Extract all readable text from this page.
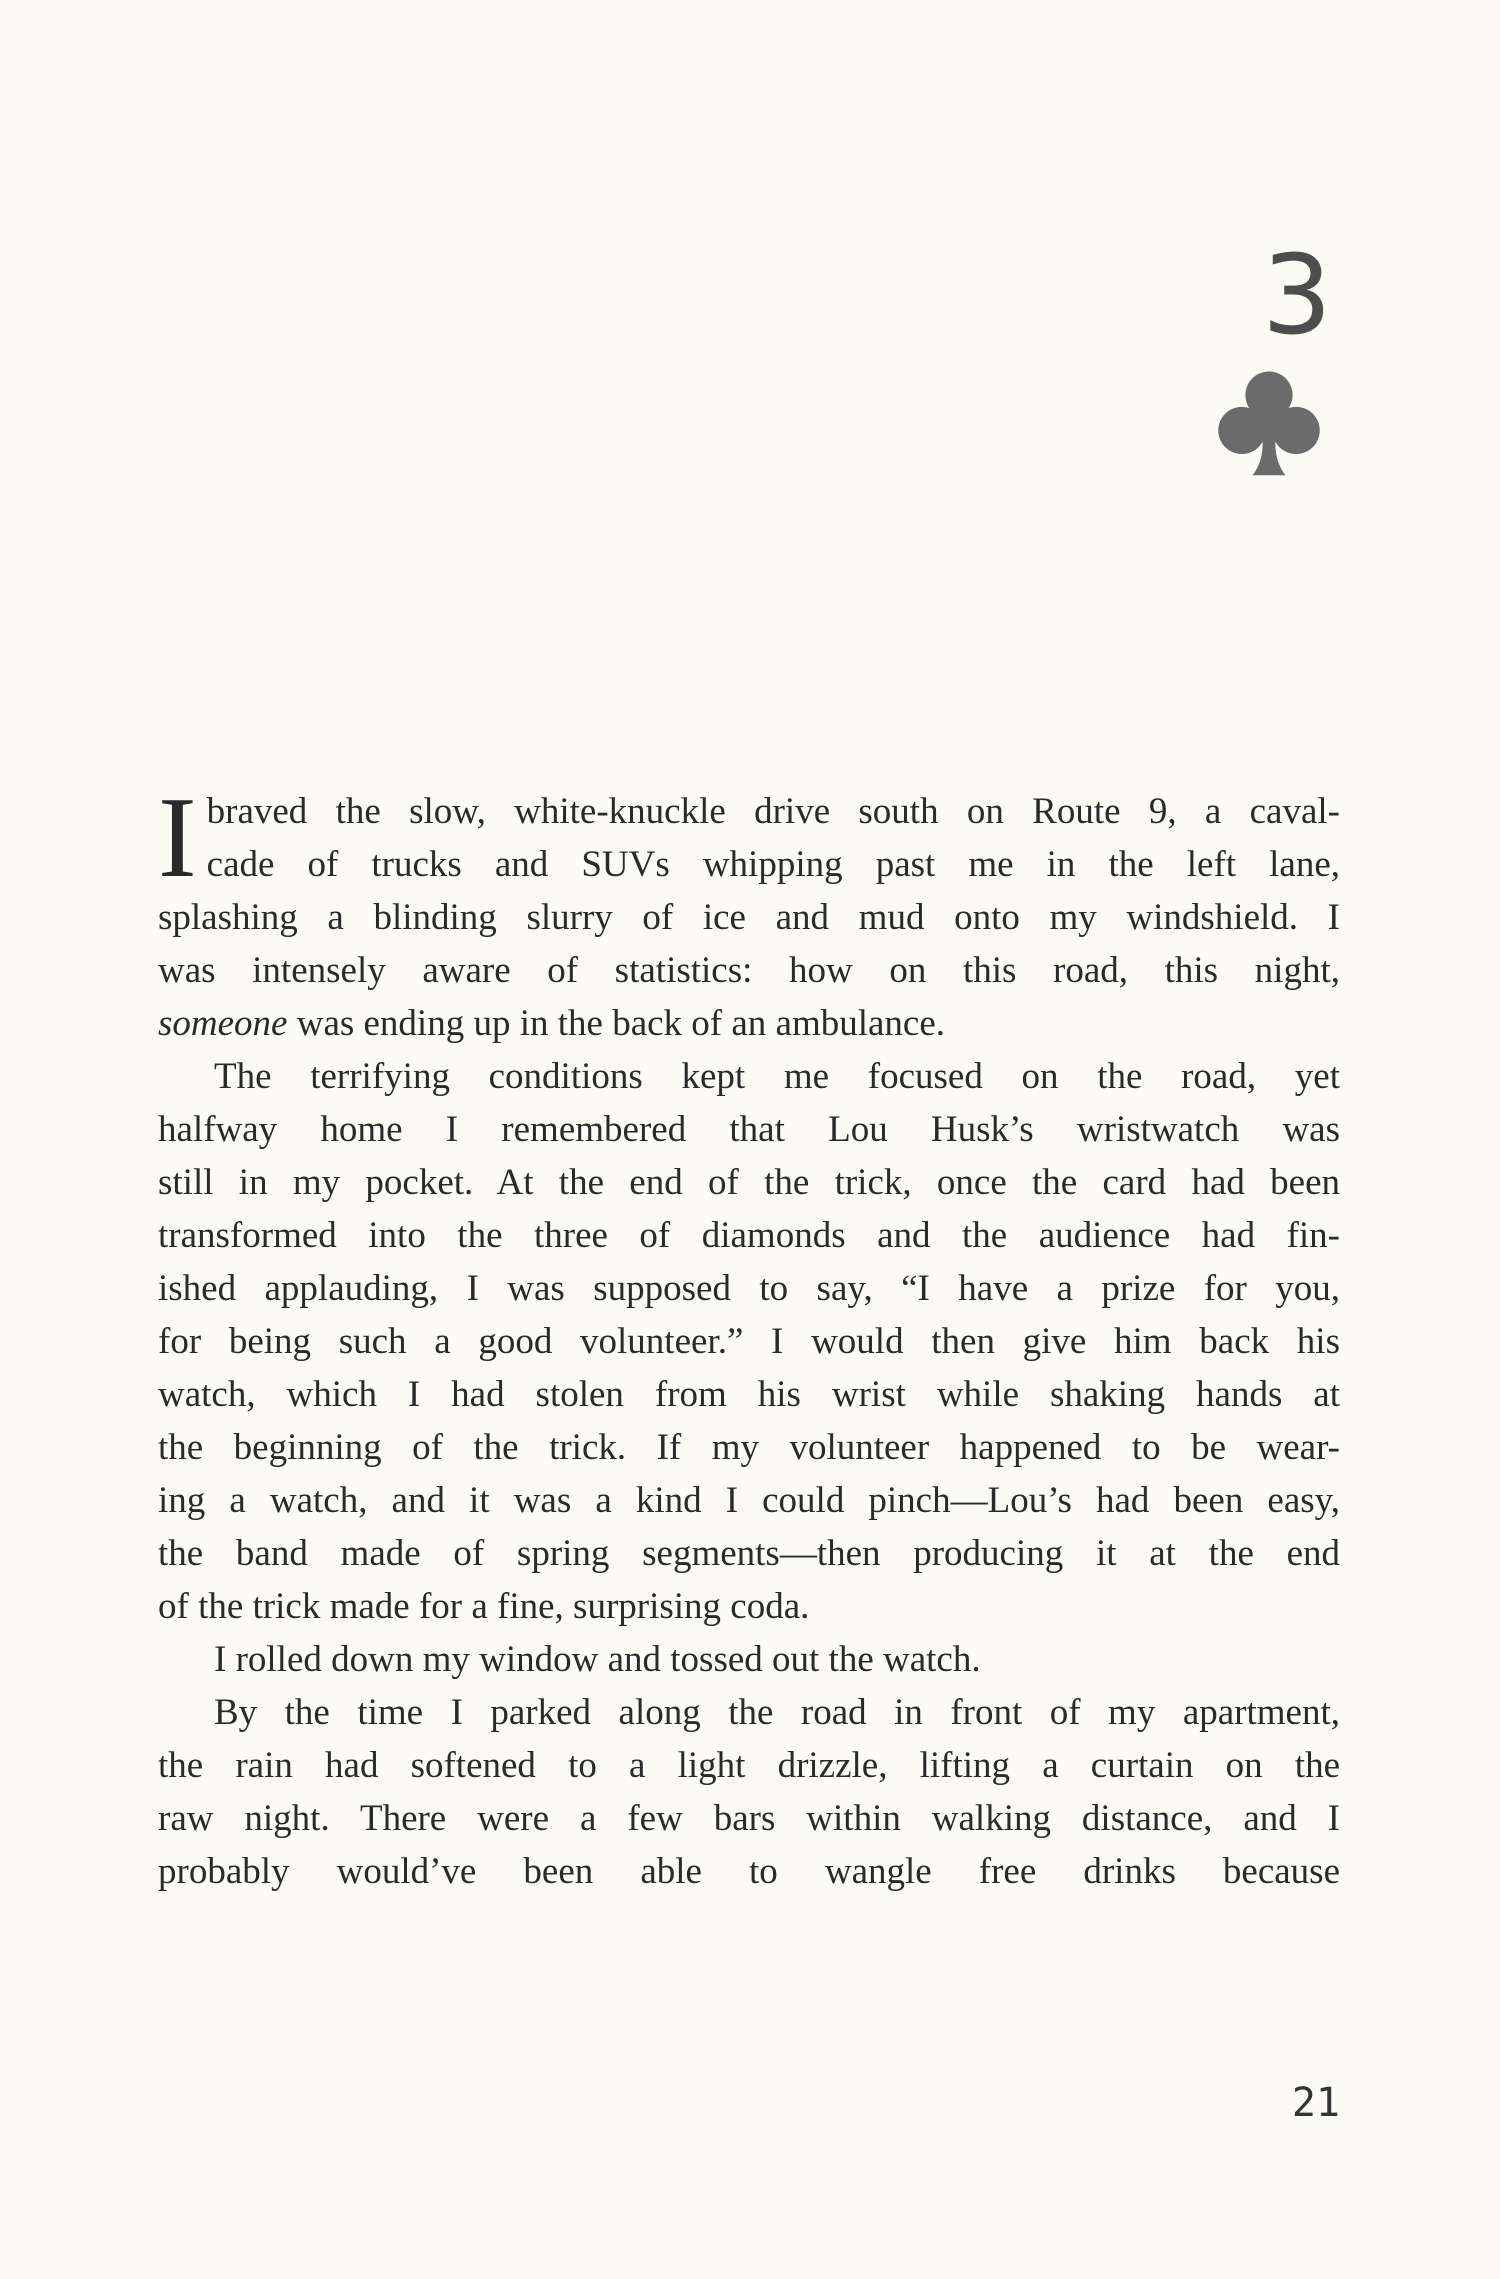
3
I braved the slow, white-knuckle drive south on Route 9, a caval-
cade of trucks and SUVs whipping past me in the left lane,
splashing a blinding slurry of ice and mud onto my windshield. I
was intensely aware of statistics: how on this road, this night,
someone was ending up in the back of an ambulance.
The terrifying conditions kept me focused on the road, yet
halfway home I remembered that Lou Husk’s wristwatch was
still in my pocket. At the end of the trick, once the card had been
transformed into the three of diamonds and the audience had fin-
ished applauding, I was supposed to say, “I have a prize for you,
for being such a good volunteer.” I would then give him back his
watch, which I had stolen from his wrist while shaking hands at
the beginning of the trick. If my volunteer happened to be wear-
ing a watch, and it was a kind I could pinch—Lou’s had been easy,
the band made of spring segments—then producing it at the end
of the trick made for a fine, surprising coda.
I rolled down my window and tossed out the watch.
By the time I parked along the road in front of my apartment,
the rain had softened to a light drizzle, lifting a curtain on the
raw night. There were a few bars within walking distance, and I
probably would’ve been able to wangle free drinks because
21
